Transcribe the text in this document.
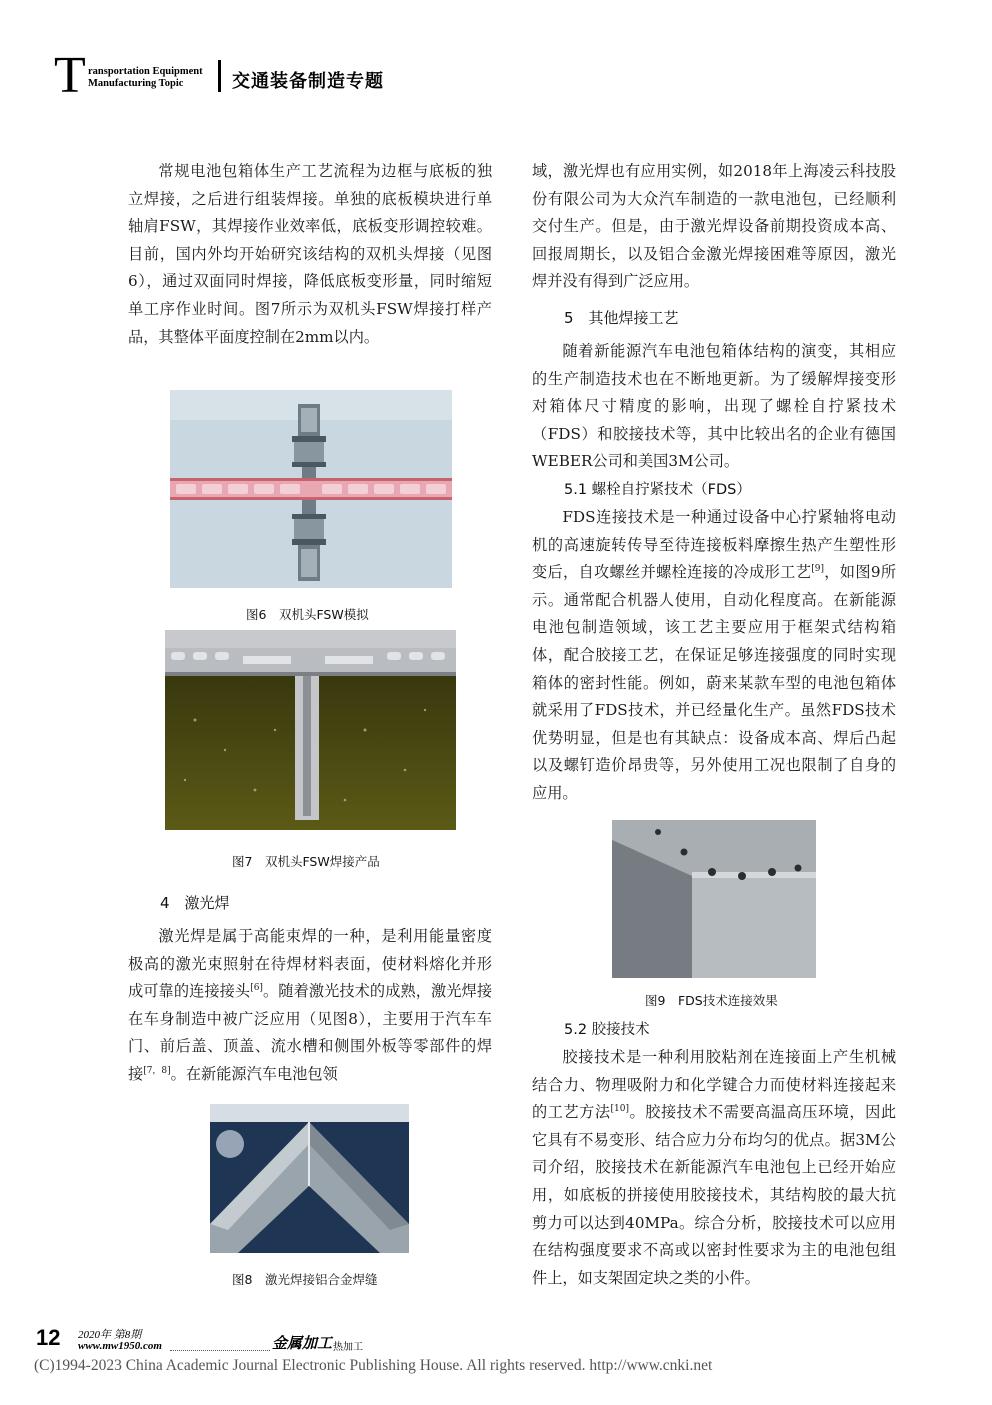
T ransportation Equipment
Manufacturing Topic	交通装备制造专题

常规电池包箱体生产工艺流程为边框与底板的独立焊接，之后进行组装焊接。单独的底板模块进行单轴肩FSW，其焊接作业效率低，底板变形调控较难。目前，国内外均开始研究该结构的双机头焊接（见图6），通过双面同时焊接，降低底板变形量，同时缩短单工序作业时间。图7所示为双机头FSW焊接打样产品，其整体平面度控制在2mm以内。

图6　双机头FSW模拟
图7　双机头FSW焊接产品
4　激光焊

激光焊是属于高能束焊的一种，是利用能量密度极高的激光束照射在待焊材料表面，使材料熔化并形成可靠的连接接头[6]。随着激光技术的成熟，激光焊接在车身制造中被广泛应用（见图8），主要用于汽车车门、前后盖、顶盖、流水槽和侧围外板等零部件的焊接[7，8]。在新能源汽车电池包领

图8　激光焊接铝合金焊缝

域，激光焊也有应用实例，如2018年上海凌云科技股份有限公司为大众汽车制造的一款电池包，已经顺利交付生产。但是，由于激光焊设备前期投资成本高、回报周期长，以及铝合金激光焊接困难等原因，激光焊并没有得到广泛应用。

5　其他焊接工艺

随着新能源汽车电池包箱体结构的演变，其相应的生产制造技术也在不断地更新。为了缓解焊接变形对箱体尺寸精度的影响，出现了螺栓自拧紧技术（FDS）和胶接技术等，其中比较出名的企业有德国WEBER公司和美国3M公司。

5.1 螺栓自拧紧技术（FDS）

FDS连接技术是一种通过设备中心拧紧轴将电动机的高速旋转传导至待连接板料摩擦生热产生塑性形变后，自攻螺丝并螺栓连接的冷成形工艺[9]，如图9所示。通常配合机器人使用，自动化程度高。在新能源电池包制造领域，该工艺主要应用于框架式结构箱体，配合胶接工艺，在保证足够连接强度的同时实现箱体的密封性能。例如，蔚来某款车型的电池包箱体就采用了FDS技术，并已经量化生产。虽然FDS技术优势明显，但是也有其缺点：设备成本高、焊后凸起以及螺钉造价昂贵等，另外使用工况也限制了自身的应用。

图9　FDS技术连接效果
5.2 胶接技术

胶接技术是一种利用胶粘剂在连接面上产生机械结合力、物理吸附力和化学键合力而使材料连接起来的工艺方法[10]。胶接技术不需要高温高压环境，因此它具有不易变形、结合应力分布均匀的优点。据3M公司介绍，胶接技术在新能源汽车电池包上已经开始应用，如底板的拼接使用胶接技术，其结构胶的最大抗剪力可以达到40MPa。综合分析，胶接技术可以应用在结构强度要求不高或以密封性要求为主的电池包组件上，如支架固定块之类的小件。

12 2020年 第8期
www.mw1950.com	金属加工 热加工
(C)1994-2023 China Academic Journal Electronic Publishing House. All rights reserved. http://www.cnki.net
